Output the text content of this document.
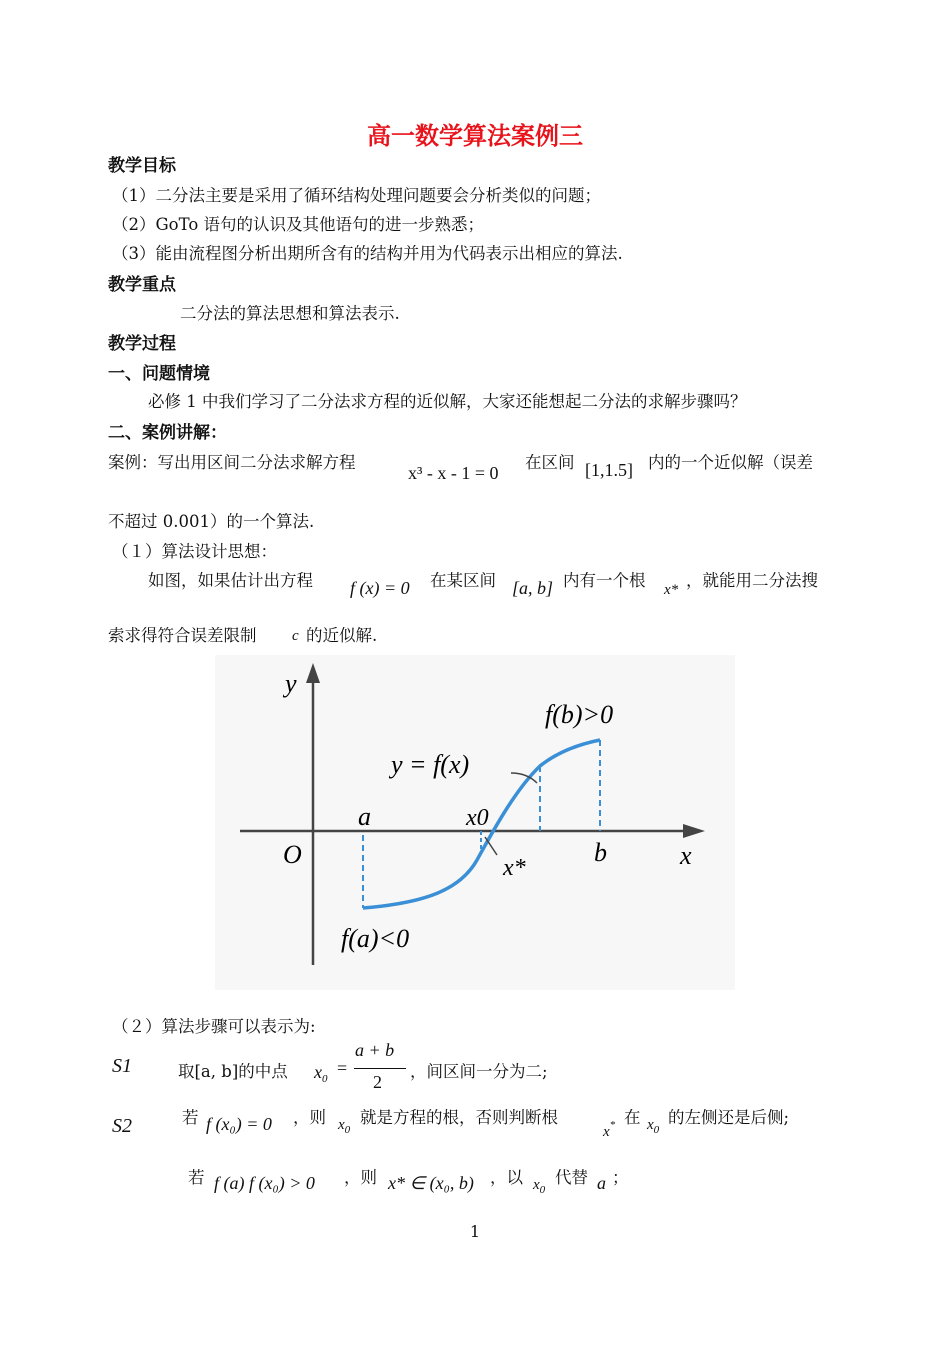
高一数学算法案例三
教学目标
（1）二分法主要是采用了循环结构处理问题要会分析类似的问题；
（2）GoTo 语句的认识及其他语句的进一步熟悉；
（3）能由流程图分析出期所含有的结构并用为代码表示出相应的算法.
教学重点
二分法的算法思想和算法表示.
教学过程
一、问题情境
必修 1 中我们学习了二分法求方程的近似解，大家还能想起二分法的求解步骤吗？
二、案例讲解：
案例：写出用区间二分法求解方程
x³ - x - 1 = 0
在区间 [1,1.5] 内的一个近似解（误差
不超过 0.001）的一个算法.
（１）算法设计思想：
如图，如果估计出方程 f (x) = 0 在某区间 [a, b] 内有一个根 x* ，就能用二分法搜
索求得符合误差限制 c 的近似解.
y
x
O
a
b
x0
x*
y = f(x)
f(b)>0
f(a)<0
（２）算法步骤可以表示为:
S1	取[a, b]的中点 $x_0$
=
a + b
2
，间区间一分为二;
S2	若 f (x₀) = 0 ，则 $x_0$
就是方程的根，否则判断根
x* 在 $x_0$
的左侧还是后侧;
若 f (a) f (x₀) > 0 ，则 x* ∈ (x₀, b) ，以 $x_0$
代替 a ；
1
